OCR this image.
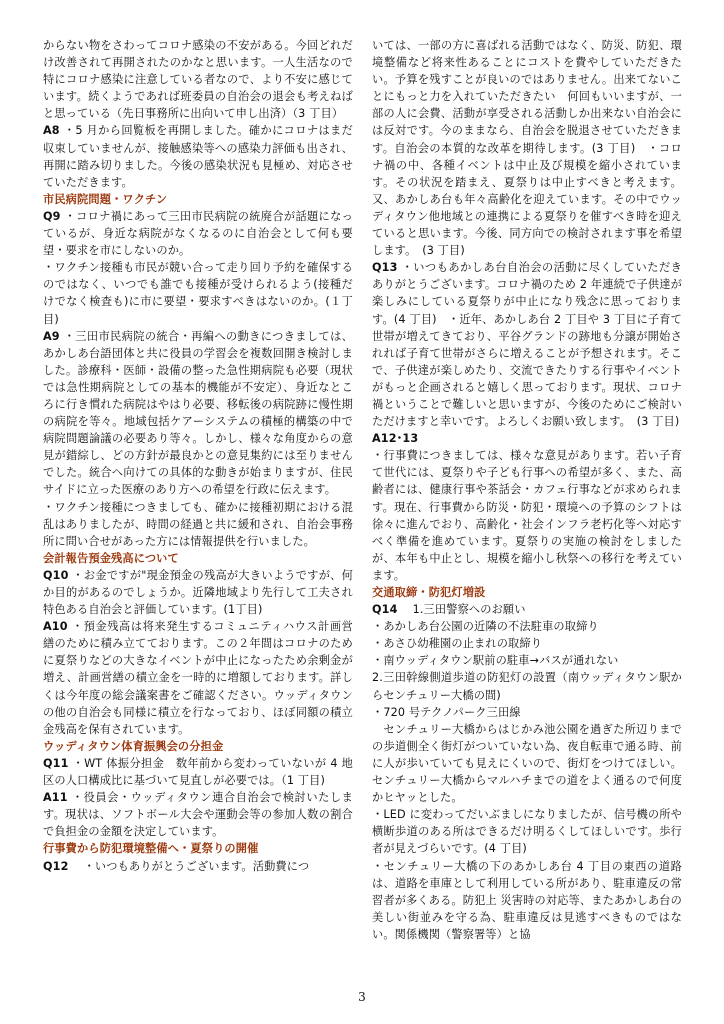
からない物をさわってコロナ感染の不安がある。今回どれだけ改善されて再開されたのかなと思います。一人生活なので特にコロナ感染に注意している者なので、より不安に感じています。続くようであれば班委員の自治会の退会も考えねばと思っている（先日事務所に出向いて申し出済）（3 丁目）

A8 ・5 月から回覧板を再開しました。確かにコロナはまだ収束していませんが、接触感染等への感染力評価も出され、再開に踏み切りました。今後の感染状況も見極め、対応させていただきます。

市民病院問題・ワクチン

Q9 ・コロナ禍にあって三田市民病院の統廃合が話題になっているが、身近な病院がなくなるのに自治会として何も要望・要求を市にしないのか。

・ワクチン接種も市民が競い合って走り回り予約を確保するのではなく、いつでも誰でも接種が受けられるよう(接種だけでなく検査も)に市に要望・要求すべきはないのか。(１丁目)

A9 ・三田市民病院の統合・再編への動きにつきましては、あかしあ台語団体と共に役員の学習会を複数回開き検討しました。診療科・医師・設備の整った急性期病院も必要（現状では急性期病院としての基本的機能が不安定）、身近なところに行き慣れた病院はやはり必要、移転後の病院跡に慢性期の病院を等々。地域包括ケアーシステムの積極的構築の中で病院問題論議の必要あり等々。しかし、様々な角度からの意見が錯綜し、どの方針が最良かとの意見集約には至りませんでした。統合へ向けての具体的な動きが始まりますが、住民サイドに立った医療のあり方への希望を行政に伝えます。

・ワクチン接種につきましても、確かに接種初期における混乱はありましたが、時間の経過と共に緩和され、自治会事務所に問い合せがあった方には情報提供を行いました。

会計報告預金残高について

Q10 ・お金ですが"現金預金の残高が大きいようですが、何か目的があるのでしょうか。近隣地域より先行して工夫され特色ある自治会と評価しています。(1丁目)

A10 ・預金残高は将来発生するコミュニティハウス計画営繕のために積み立てております。この２年間はコロナのために夏祭りなどの大きなイベントが中止になったため余剰金が増え、計画営繕の積立金を一時的に増額しております。詳しくは今年度の総会議案書をご確認ください。ウッディタウンの他の自治会も同様に積立を行なっており、ほぼ同額の積立金残高を保有されています。

ウッディタウン体育振興会の分担金

Q11 ・WT 体振分担金　数年前から変わっていないが 4 地区の人口構成比に基づいて見直しが必要では。（1 丁目)

A11 ・役員会・ウッディタウン連合自治会で検討いたします。現状は、ソフトボール大会や運動会等の参加人数の割合で負担金の金額を決定しています。

行事費から防犯環境整備へ・夏祭りの開催

Q12 　・いつもありがとうございます。活動費につ

いては、一部の方に喜ばれる活動ではなく、防災、防犯、環境整備など将来性あることにコストを費やしていただきたい。予算を残すことが良いのではありません。出来てないことにもっと力を入れていただきたい　何回もいいますが、一部の人に会費、活動が享受される活動しか出来ない自治会には反対です。今のままなら、自治会を脱退させていただきます。自治会の本質的な改革を期待します。(3 丁目)　・コロナ禍の中、各種イベントは中止及び規模を縮小されています。その状況を踏まえ、夏祭りは中止すべきと考えます。又、あかしあ台も年々高齢化を迎えています。その中でウッディタウン他地域との連携による夏祭りを催すべき時を迎えていると思います。今後、同方向での検討されます事を希望します。　(3 丁目)

Q13 ・いつもあかしあ台自治会の活動に尽くしていただきありがとうございます。コロナ禍のため 2 年連続で子供達が楽しみにしている夏祭りが中止になり残念に思っております。(4 丁目)　・近年、あかしあ台 2 丁目や 3 丁目に子育て世帯が増えてきており、平谷グランドの跡地も分譲が開始されれば子育て世帯がさらに増えることが予想されます。そこで、子供達が楽しめたり、交流できたりする行事やイベントがもっと企画されると嬉しく思っております。現状、コロナ禍ということで難しいと思いますが、今後のためにご検討いただけますと幸いです。よろしくお願い致します。　(3 丁目)

A12･13

・行事費につきましては、様々な意見があります。若い子育て世代には、夏祭りや子ども行事への希望が多く、また、高齢者には、健康行事や茶話会・カフェ行事などが求められます。現在、行事費から防災・防犯・環境への予算のシフトは徐々に進んでおり、高齢化・社会インフラ老朽化等へ対応すべく準備を進めています。夏祭りの実施の検討をしましたが、本年も中止とし、規模を縮小し秋祭への移行を考えています。

交通取締・防犯灯増設

Q14 　1.三田警察へのお願い

・あかしあ台公園の近隣の不法駐車の取締り

・あさひ幼稚園の止まれの取締り

・南ウッディタウン駅前の駐車→バスが通れない

2.三田幹線側道歩道の防犯灯の設置（南ウッディタウン駅からセンチュリー大橋の間)

・720 号テクノパーク三田線

　センチュリー大橋からはじかみ池公園を過ぎた所辺りまでの歩道側全く街灯がついていない為、夜自転車で通る時、前に人が歩いていても見えにくいので、街灯をつけてほしい。センチュリー大橋からマルハチまでの道をよく通るので何度かヒヤッとした。

・LED に変わってだいぶましになりましたが、信号機の所や横断歩道のある所はできるだけ明るくしてほしいです。歩行者が見えづらいです。(4 丁目)

・センチュリー大橋の下のあかしあ台 4 丁目の東西の道路は、道路を車庫として利用している所があり、駐車違反の常習者が多くある。防犯上 災害時の対応等、またあかしあ台の美しい街並みを守る為、駐車違反は見逃すべきものではない。関係機関（警察署等）と協

3
